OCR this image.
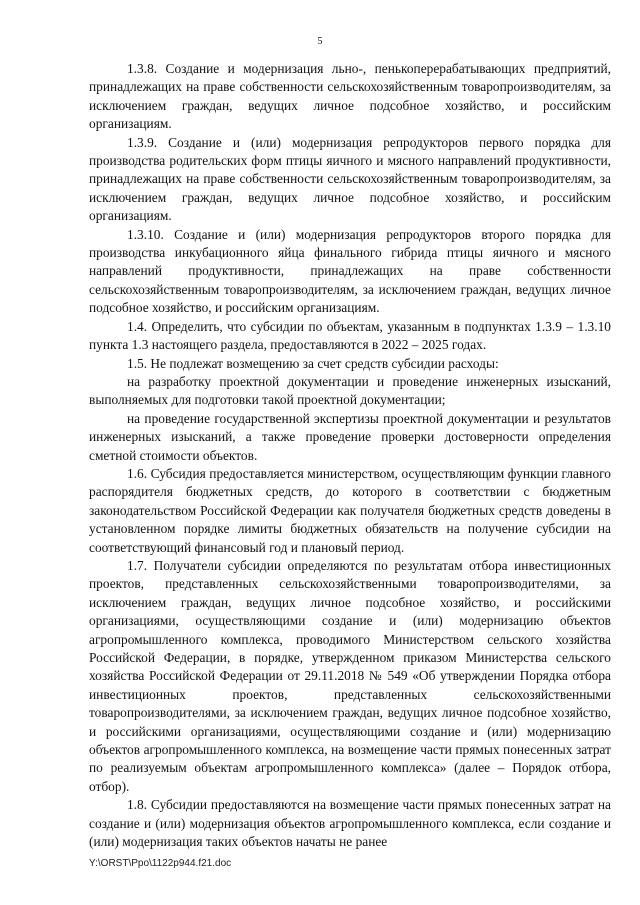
5

1.3.8. Создание и модернизация льно-, пенькоперерабатывающих предприятий, принадлежащих на праве собственности сельскохозяйственным товаропроизводителям, за исключением граждан, ведущих личное подсобное хозяйство, и российским организациям.

1.3.9. Создание и (или) модернизация репродукторов первого порядка для производства родительских форм птицы яичного и мясного направлений продуктивности, принадлежащих на праве собственности сельскохозяйственным товаропроизводителям, за исключением граждан, ведущих личное подсобное хозяйство, и российским организациям.

1.3.10. Создание и (или) модернизация репродукторов второго порядка для производства инкубационного яйца финального гибрида птицы яичного и мясного направлений продуктивности, принадлежащих на праве собственности сельскохозяйственным товаропроизводителям, за исключением граждан, ведущих личное подсобное хозяйство, и российским организациям.

1.4. Определить, что субсидии по объектам, указанным в подпунктах 1.3.9 – 1.3.10 пункта 1.3 настоящего раздела, предоставляются в 2022 – 2025 годах.

1.5. Не подлежат возмещению за счет средств субсидии расходы:

на разработку проектной документации и проведение инженерных изысканий, выполняемых для подготовки такой проектной документации;

на проведение государственной экспертизы проектной документации и результатов инженерных изысканий, а также проведение проверки достоверности определения сметной стоимости объектов.

1.6. Субсидия предоставляется министерством, осуществляющим функции главного распорядителя бюджетных средств, до которого в соответствии с бюджетным законодательством Российской Федерации как получателя бюджетных средств доведены в установленном порядке лимиты бюджетных обязательств на получение субсидии на соответствующий финансовый год и плановый период.

1.7. Получатели субсидии определяются по результатам отбора инвестиционных проектов, представленных сельскохозяйственными товаропроизводителями, за исключением граждан, ведущих личное подсобное хозяйство, и российскими организациями, осуществляющими создание и (или) модернизацию объектов агропромышленного комплекса, проводимого Министерством сельского хозяйства Российской Федерации, в порядке, утвержденном приказом Министерства сельского хозяйства Российской Федерации от 29.11.2018 № 549 «Об утверждении Порядка отбора инвестиционных проектов, представленных сельскохозяйственными товаропроизводителями, за исключением граждан, ведущих личное подсобное хозяйство, и российскими организациями, осуществляющими создание и (или) модернизацию объектов агропромышленного комплекса, на возмещение части прямых понесенных затрат по реализуемым объектам агропромышленного комплекса» (далее – Порядок отбора, отбор).

1.8. Субсидии предоставляются на возмещение части прямых понесенных затрат на создание и (или) модернизация объектов агропромышленного комплекса, если создание и (или) модернизация таких объектов начаты не ранее

Y:\ORST\Ppo\1122p944.f21.doc
